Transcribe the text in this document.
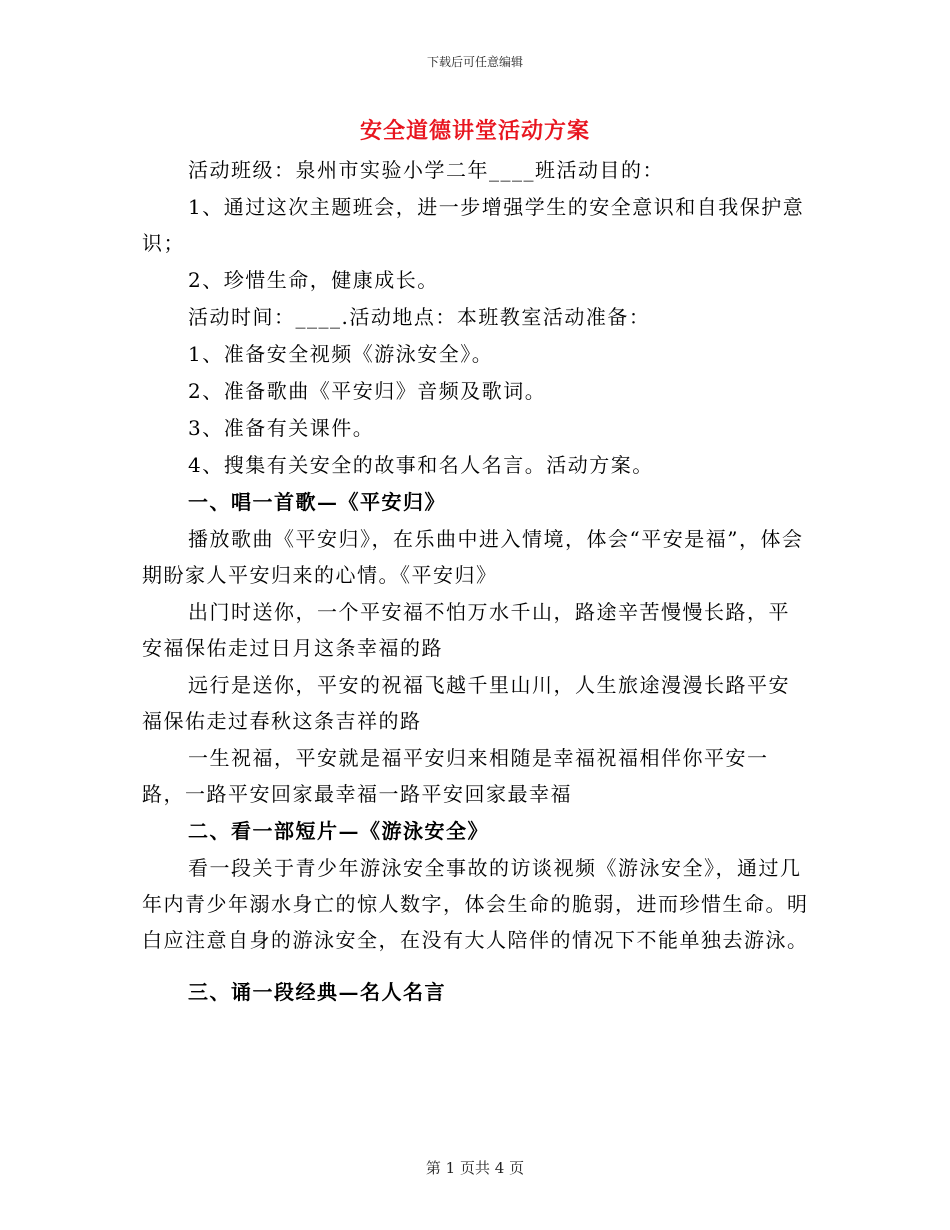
下载后可任意编辑
安全道德讲堂活动方案

活动班级：泉州市实验小学二年____班活动目的：

1、通过这次主题班会，进一步增强学生的安全意识和自我保护意识；

2、珍惜生命，健康成长。

活动时间：____.活动地点：本班教室活动准备：

1、准备安全视频《游泳安全》。

2、准备歌曲《平安归》音频及歌词。

3、准备有关课件。

4、搜集有关安全的故事和名人名言。活动方案。

一、唱一首歌—《平安归》

播放歌曲《平安归》，在乐曲中进入情境，体会“平安是福”，体会期盼家人平安归来的心情。《平安归》

出门时送你，一个平安福不怕万水千山，路途辛苦慢慢长路，平安福保佑走过日月这条幸福的路

远行是送你，平安的祝福飞越千里山川，人生旅途漫漫长路平安福保佑走过春秋这条吉祥的路

一生祝福，平安就是福平安归来相随是幸福祝福相伴你平安一路，一路平安回家最幸福一路平安回家最幸福

二、看一部短片—《游泳安全》

看一段关于青少年游泳安全事故的访谈视频《游泳安全》，通过几年内青少年溺水身亡的惊人数字，体会生命的脆弱，进而珍惜生命。明白应注意自身的游泳安全，在没有大人陪伴的情况下不能单独去游泳。

三、诵一段经典—名人名言

第 1 页共 4 页
